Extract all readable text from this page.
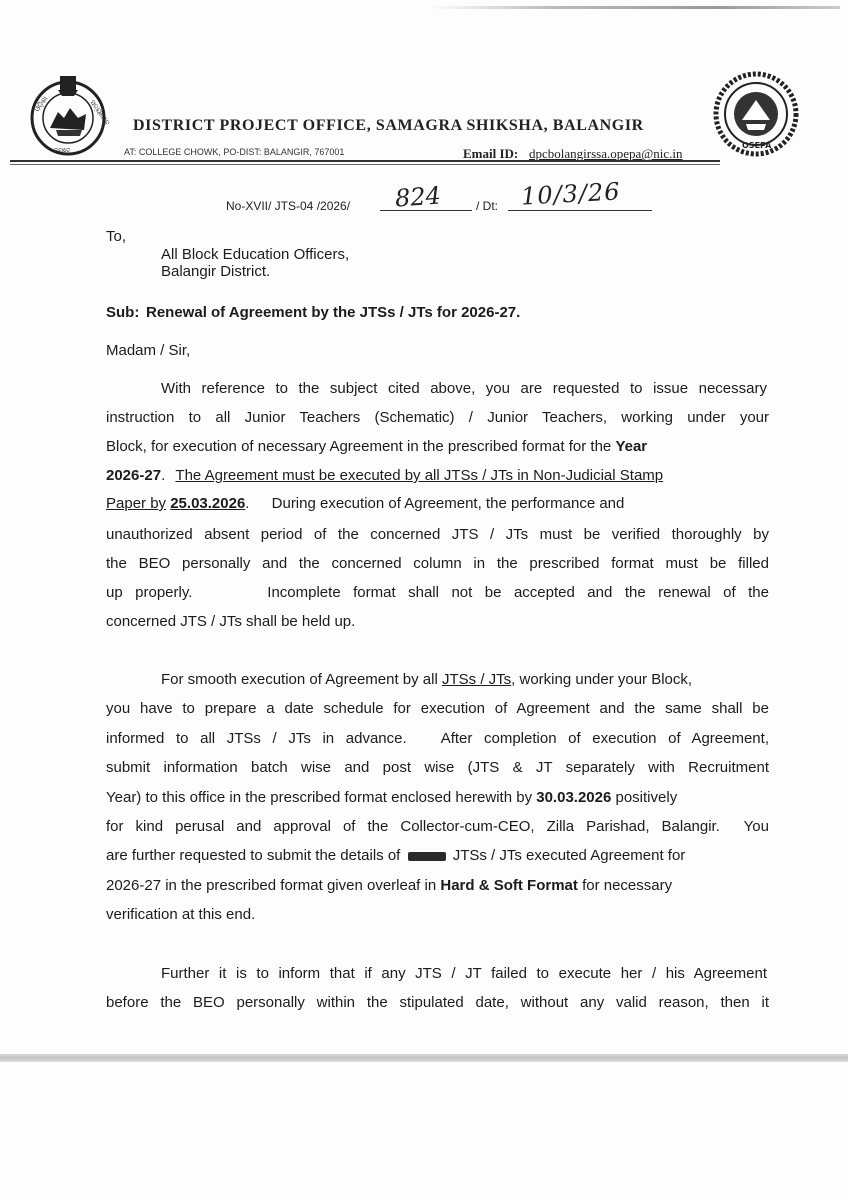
ଓଡ଼ିଶା	ସତ୍ୟମେବ
ଜୟତେ
OSEPA
DISTRICT PROJECT OFFICE, SAMAGRA SHIKSHA, BALANGIR
AT: COLLEGE CHOWK, PO-DIST: BALANGIR, 767001	Email ID: dpcbolangirssa.opepa@nic.in
No-XVII/ JTS-04 /2026/ 824	/ Dt: 10/3/26
To,
All Block Education Officers,
Balangir District.
Sub: Renewal of Agreement by the JTSs / JTs for 2026-27.
Madam / Sir,
With reference to the subject cited above, you are requested to issue necessary
instruction to all Junior Teachers (Schematic) / Junior Teachers, working under your
Block, for execution of necessary Agreement in the prescribed format for the Year
2026-27. The Agreement must be executed by all JTSs / JTs in Non-Judicial Stamp
Paper by 25.03.2026. During execution of Agreement, the performance and
unauthorized absent period of the concerned JTS / JTs must be verified thoroughly by
the BEO personally and the concerned column in the prescribed format must be filled
up properly.      Incomplete format shall not be accepted and the renewal of the
concerned JTS / JTs shall be held up.
For smooth execution of Agreement by all JTSs / JTs, working under your Block,
you have to prepare a date schedule for execution of Agreement and the same shall be
informed to all JTSs / JTs in advance.   After completion of execution of Agreement,
submit information batch wise and post wise (JTS & JT separately with Recruitment
Year) to this office in the prescribed format enclosed herewith by 30.03.2026 positively
for kind perusal and approval of the Collector-cum-CEO, Zilla Parishad, Balangir.  You
are further requested to submit the details of	JTSs / JTs executed Agreement for
2026-27 in the prescribed format given overleaf in Hard & Soft Format for necessary
verification at this end.
Further it is to inform that if any JTS / JT failed to execute her / his Agreement
before the BEO personally within the stipulated date, without any valid reason, then it
